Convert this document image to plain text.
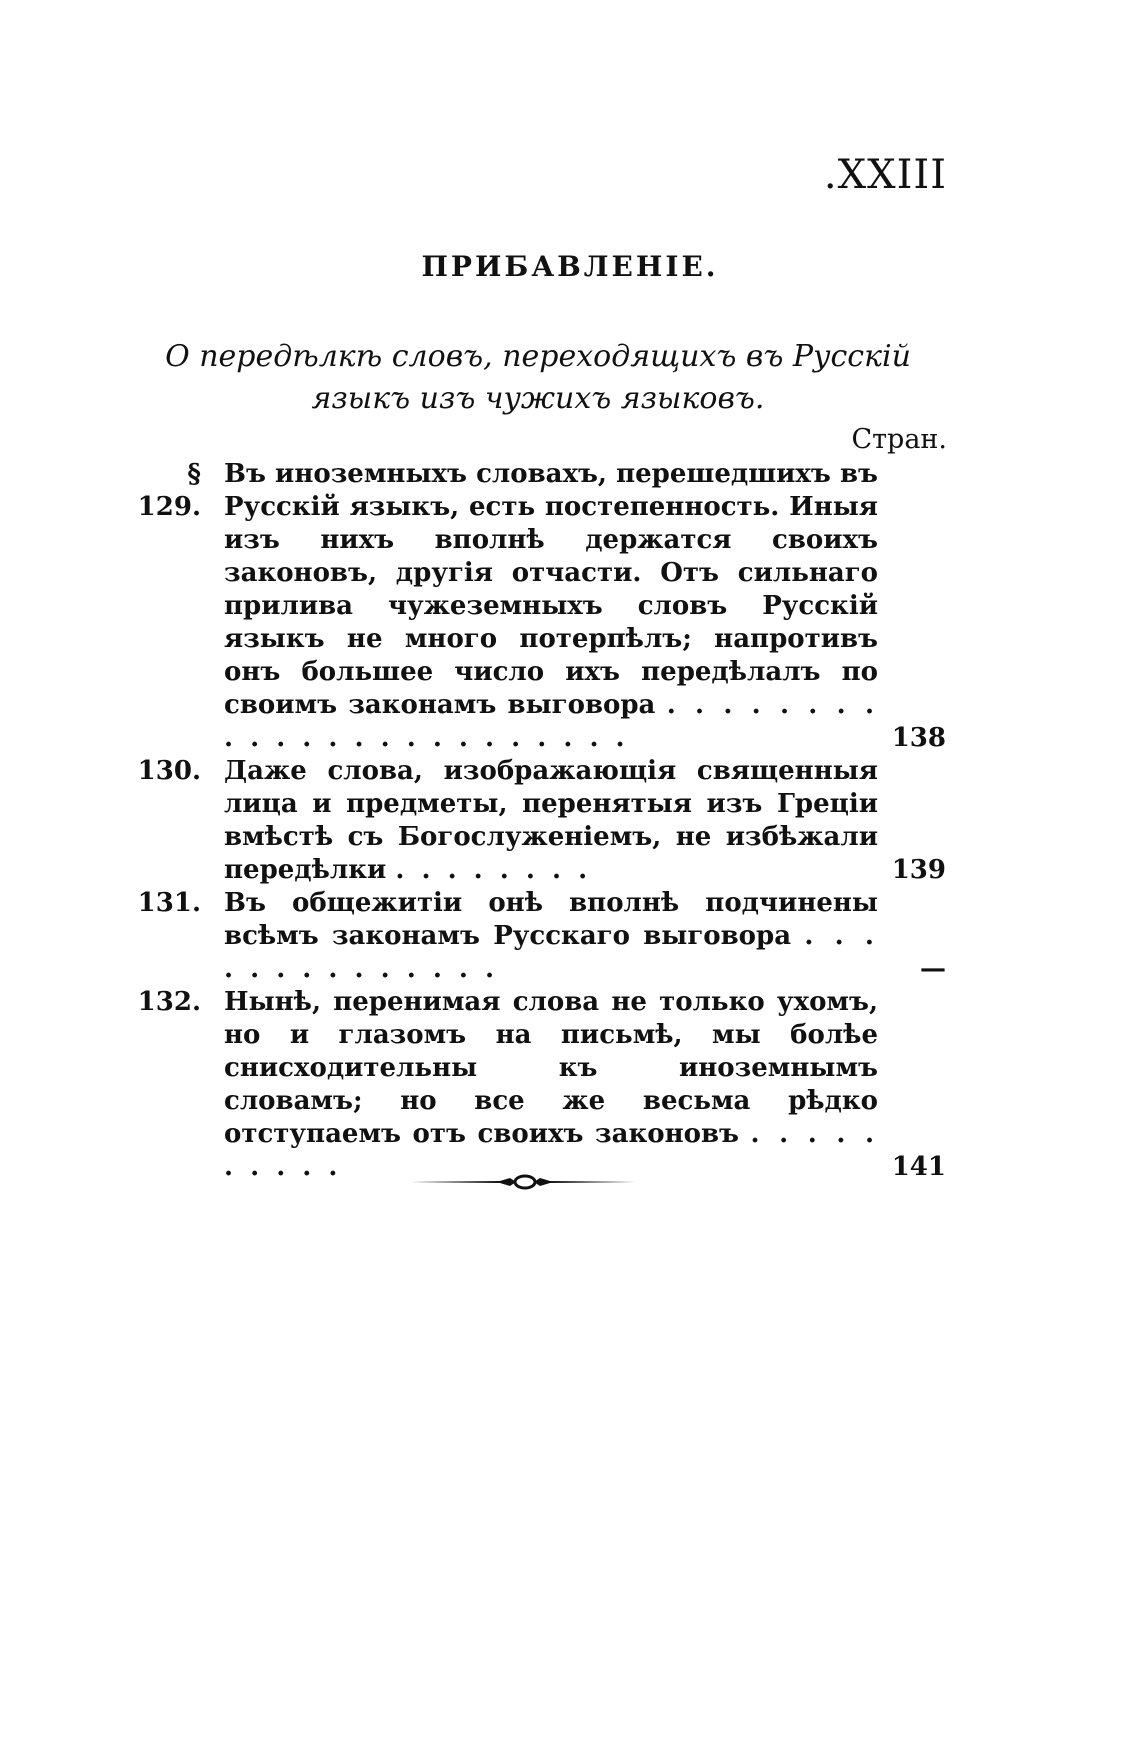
.XXIII
ПРИБАВЛЕНІЕ.
О передѣлкѣ словъ, переходящихъ въ Русскій языкъ изъ чужихъ языковъ.
Стран.
§ 129.
Въ иноземныхъ словахъ, перешедшихъ въ Русскій языкъ, есть постепенность. Иныя изъ нихъ вполнѣ держатся своихъ законовъ, другія отчасти. Отъ сильнаго прилива чужеземныхъ словъ Русскій языкъ не много потерпѣлъ; напротивъ онъ большее число ихъ передѣлалъ по своимъ законамъ выговора . . . . . . . . . . . . . . . . . . . . . . . .	138
130. Даже слова, изображающія священныя лица и предметы, перенятыя изъ Греціи вмѣстѣ съ Богослуженіемъ, не избѣжали передѣлки . . . . . . . .	139
131. Въ общежитіи онѣ вполнѣ подчинены всѣмъ законамъ Русскаго выговора . . . . . . . . . . . . . .	—
132. Нынѣ, перенимая слова не только ухомъ, но и глазомъ на письмѣ, мы болѣе снисходительны къ иноземнымъ словамъ; но все же весьма рѣдко отступаемъ отъ своихъ законовъ . . . . . . . . . .	141
